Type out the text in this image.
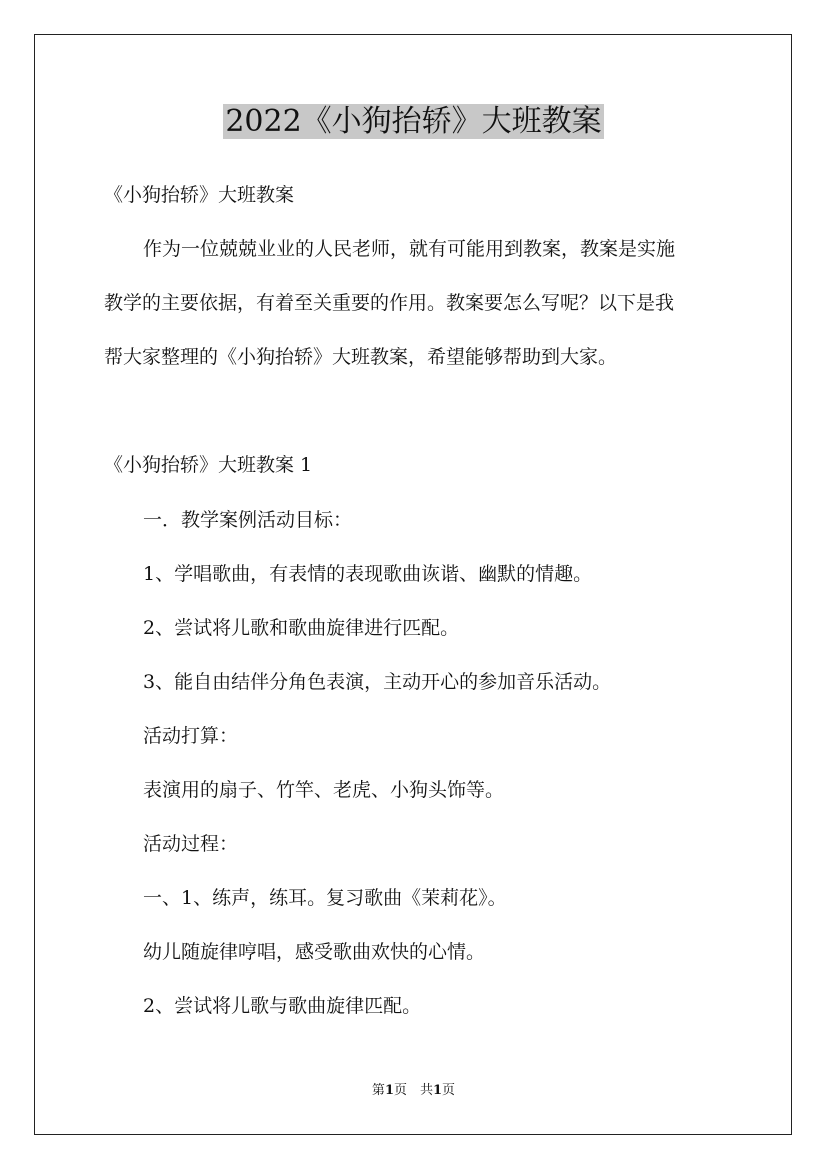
2022《小狗抬轿》大班教案
《小狗抬轿》大班教案
作为一位兢兢业业的人民老师，就有可能用到教案，教案是实施
教学的主要依据，有着至关重要的作用。教案要怎么写呢？以下是我
帮大家整理的《小狗抬轿》大班教案，希望能够帮助到大家。
《小狗抬轿》大班教案 1
一．教学案例活动目标：
1、学唱歌曲，有表情的表现歌曲诙谐、幽默的情趣。
2、尝试将儿歌和歌曲旋律进行匹配。
3、能自由结伴分角色表演，主动开心的参加音乐活动。
活动打算：
表演用的扇子、竹竿、老虎、小狗头饰等。
活动过程：
一、1、练声，练耳。复习歌曲《茉莉花》。
幼儿随旋律哼唱，感受歌曲欢快的心情。
2、尝试将儿歌与歌曲旋律匹配。
第1页　共1页
